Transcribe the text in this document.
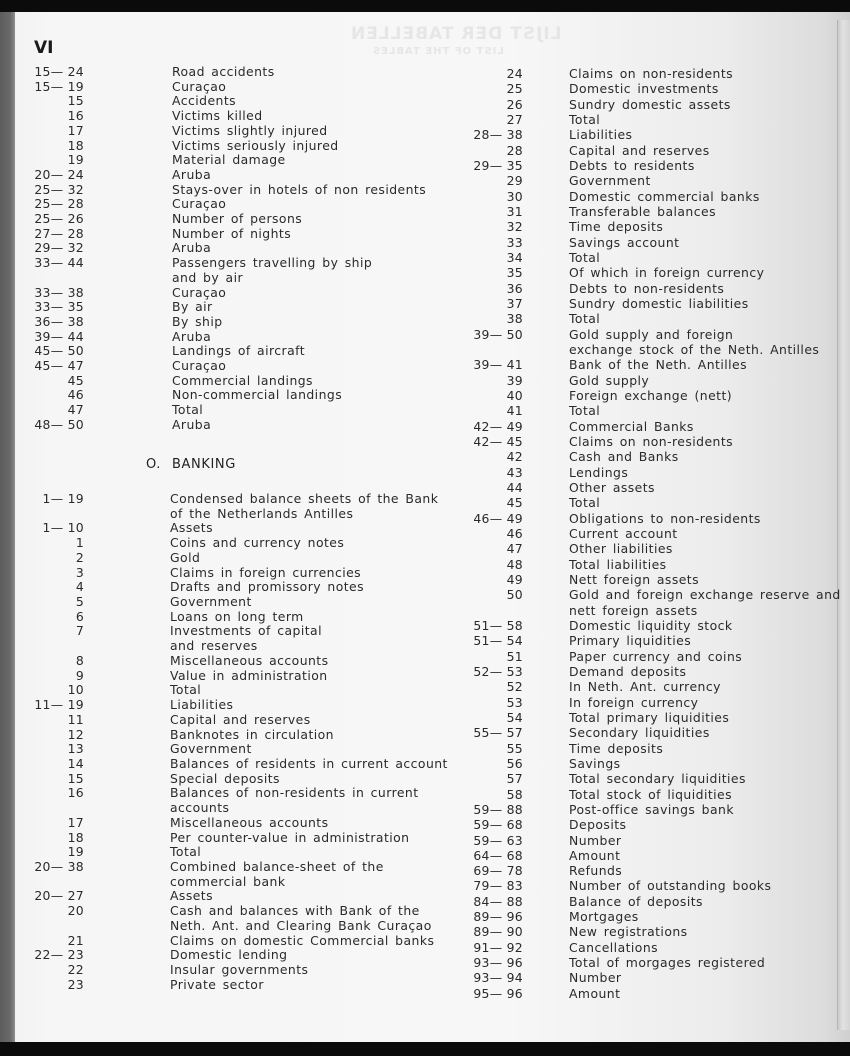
LIJST DER TABELLEN
LIST OF THE TABLES
VI
15— 24	Road accidents
15— 19	Curaçao
15	Accidents
16	Victims killed
17	Victims slightly injured
18	Victims seriously injured
19	Material damage
20— 24	Aruba
25— 32	Stays-over in hotels of non residents
25— 28	Curaçao
25— 26	Number of persons
27— 28	Number of nights
29— 32	Aruba
33— 44	Passengers travelling by ship
and by air
33— 38	Curaçao
33— 35	By air
36— 38	By ship
39— 44	Aruba
45— 50	Landings of aircraft
45— 47	Curaçao
45	Commercial landings
46	Non-commercial landings
47	Total
48— 50	Aruba
O. BANKING
1— 19	Condensed balance sheets of the Bank
of the Netherlands Antilles
1— 10	Assets
1	Coins and currency notes
2	Gold
3	Claims in foreign currencies
4	Drafts and promissory notes
5	Government
6	Loans on long term
7	Investments of capital
and reserves
8	Miscellaneous accounts
9	Value in administration
10	Total
11— 19	Liabilities
11	Capital and reserves
12	Banknotes in circulation
13	Government
14	Balances of residents in current account
15	Special deposits
16	Balances of non-residents in current
accounts
17	Miscellaneous accounts
18	Per counter-value in administration
19	Total
20— 38	Combined balance-sheet of the
commercial bank
20— 27	Assets
20	Cash and balances with Bank of the
Neth. Ant. and Clearing Bank Curaçao
21	Claims on domestic Commercial banks
22— 23	Domestic lending
22	Insular governments
23	Private sector
24	Claims on non-residents
25	Domestic investments
26	Sundry domestic assets
27	Total
28— 38	Liabilities
28	Capital and reserves
29— 35	Debts to residents
29	Government
30	Domestic commercial banks
31	Transferable balances
32	Time deposits
33	Savings account
34	Total
35	Of which in foreign currency
36	Debts to non-residents
37	Sundry domestic liabilities
38	Total
39— 50	Gold supply and foreign
exchange stock of the Neth. Antilles
39— 41	Bank of the Neth. Antilles
39	Gold supply
40	Foreign exchange (nett)
41	Total
42— 49	Commercial Banks
42— 45	Claims on non-residents
42	Cash and Banks
43	Lendings
44	Other assets
45	Total
46— 49	Obligations to non-residents
46	Current account
47	Other liabilities
48	Total liabilities
49	Nett foreign assets
50	Gold and foreign exchange reserve and
nett foreign assets
51— 58	Domestic liquidity stock
51— 54	Primary liquidities
51	Paper currency and coins
52— 53	Demand deposits
52	In Neth. Ant. currency
53	In foreign currency
54	Total primary liquidities
55— 57	Secondary liquidities
55	Time deposits
56	Savings
57	Total secondary liquidities
58	Total stock of liquidities
59— 88	Post-office savings bank
59— 68	Deposits
59— 63	Number
64— 68	Amount
69— 78	Refunds
79— 83	Number of outstanding books
84— 88	Balance of deposits
89— 96	Mortgages
89— 90	New registrations
91— 92	Cancellations
93— 96	Total of morgages registered
93— 94	Number
95— 96	Amount
